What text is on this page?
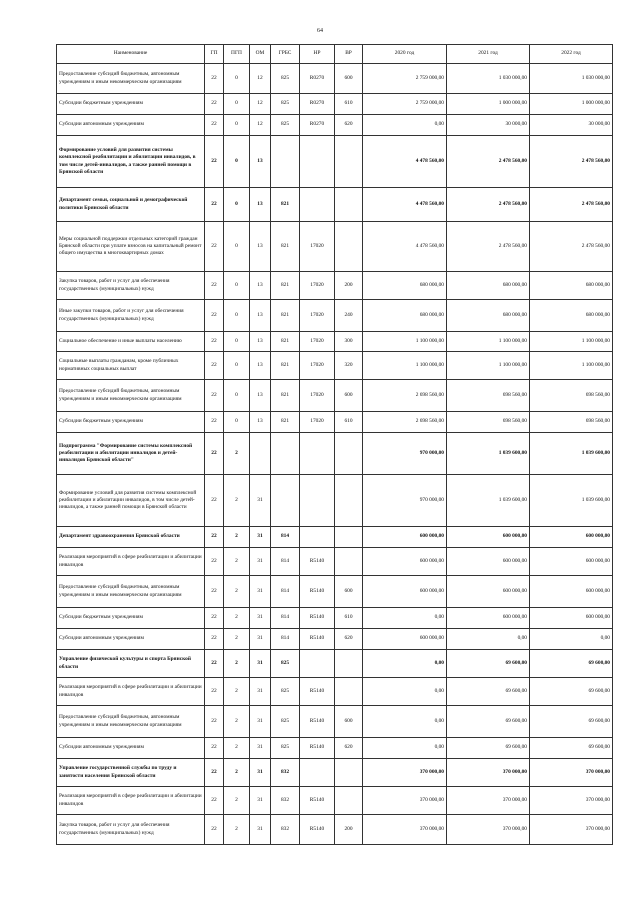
64
Наименование	ГП	ПГП	ОМ	ГРБС	НР	ВР	2020 год	2021 год	2022 год
Предоставление субсидий бюджетным, автономным учреждениям и иным некоммерческим организациям	22	0	12	825	R0270	600	2 759 000,00	1 030 000,00	1 030 000,00
Субсидии бюджетным учреждениям	22	0	12	825	R0270	610	2 759 000,00	1 000 000,00	1 000 000,00
Субсидии автономным учреждениям	22	0	12	825	R0270	620	0,00	30 000,00	30 000,00
Формирование условий для развития системы комплексной реабилитации и абилитации инвалидов, в том числе детей-инвалидов, а также ранней помощи в Брянской области	22	0	13				4 478 560,00	2 478 560,00	2 478 560,00
Департамент семьи, социальной и демографической политики Брянской области	22	0	13	821			4 478 560,00	2 478 560,00	2 478 560,00
Меры социальной поддержки отдельных категорий граждан Брянской области при уплате взносов на капитальный ремонт общего имущества в многоквартирных домах	22	0	13	821	17020		4 478 560,00	2 478 560,00	2 478 560,00
Закупка товаров, работ и услуг для обеспечения государственных (муниципальных) нужд	22	0	13	821	17020	200	680 000,00	680 000,00	680 000,00
Иные закупки товаров, работ и услуг для обеспечения государственных (муниципальных) нужд	22	0	13	821	17020	240	680 000,00	680 000,00	680 000,00
Социальное обеспечение и иные выплаты населению	22	0	13	821	17020	300	1 100 000,00	1 100 000,00	1 100 000,00
Социальные выплаты гражданам, кроме публичных нормативных социальных выплат	22	0	13	821	17020	320	1 100 000,00	1 100 000,00	1 100 000,00
Предоставление субсидий бюджетным, автономным учреждениям и иным некоммерческим организациям	22	0	13	821	17020	600	2 698 560,00	698 560,00	698 560,00
Субсидии бюджетным учреждениям	22	0	13	821	17020	610	2 698 560,00	698 560,00	698 560,00
Подпрограмма "Формирование системы комплексной реабилитации и абилитации инвалидов и детей-инвалидов Брянской области"	22	2					970 000,00	1 039 600,00	1 039 600,00
Формирование условий для развития системы комплексной реабилитации и абилитации инвалидов, в том числе детей-инвалидов, а также ранней помощи в Брянской области	22	2	31				970 000,00	1 039 600,00	1 039 600,00
Департамент здравоохранения Брянской области	22	2	31	814			600 000,00	600 000,00	600 000,00
Реализация мероприятий в сфере реабилитации и абилитации инвалидов	22	2	31	814	R5140		600 000,00	600 000,00	600 000,00
Предоставление субсидий бюджетным, автономным учреждениям и иным некоммерческим организациям	22	2	31	814	R5140	600	600 000,00	600 000,00	600 000,00
Субсидии бюджетным учреждениям	22	2	31	814	R5140	610	0,00	600 000,00	600 000,00
Субсидии автономным учреждениям	22	2	31	814	R5140	620	600 000,00	0,00	0,00
Управление физической культуры и спорта Брянской области	22	2	31	825			0,00	69 600,00	69 600,00
Реализация мероприятий в сфере реабилитации и абилитации инвалидов	22	2	31	825	R5140		0,00	69 600,00	69 600,00
Предоставление субсидий бюджетным, автономным учреждениям и иным некоммерческим организациям	22	2	31	825	R5140	600	0,00	69 600,00	69 600,00
Субсидии автономным учреждениям	22	2	31	825	R5140	620	0,00	69 600,00	69 600,00
Управление государственной службы по труду и занятости населения Брянской области	22	2	31	832			370 000,00	370 000,00	370 000,00
Реализация мероприятий в сфере реабилитации и абилитации инвалидов	22	2	31	832	R5140		370 000,00	370 000,00	370 000,00
Закупка товаров, работ и услуг для обеспечения государственных (муниципальных) нужд	22	2	31	832	R5140	200	370 000,00	370 000,00	370 000,00
